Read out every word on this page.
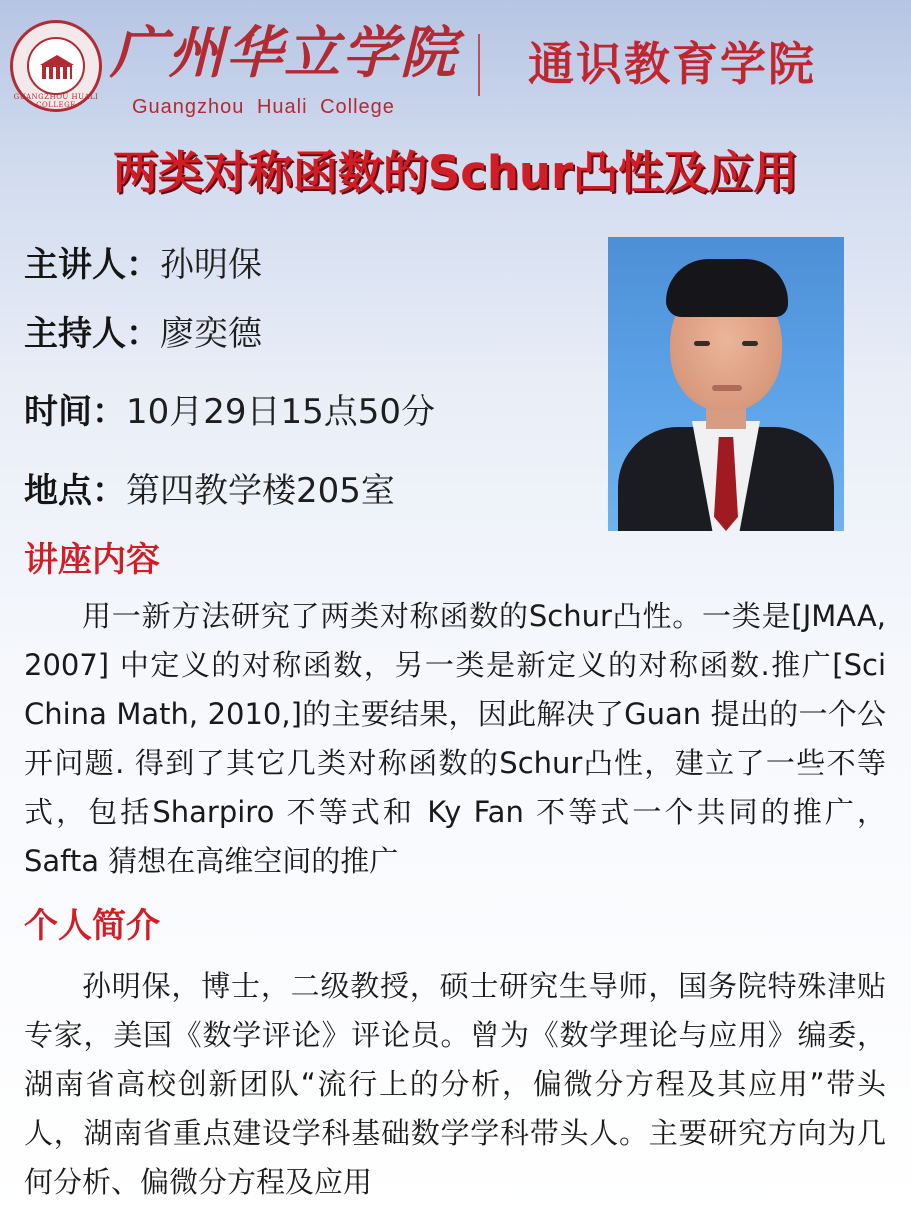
GUANGZHOU HUALI COLLEGE
广州华立学院
Guangzhou Huali College
通识教育学院
两类对称函数的Schur凸性及应用
主讲人：孙明保
主持人：廖奕德
时间：10月29日15点50分
地点：第四教学楼205室
讲座内容

用一新方法研究了两类对称函数的Schur凸性。一类是[JMAA, 2007] 中定义的对称函数，另一类是新定义的对称函数.推广[Sci China Math, 2010,]的主要结果，因此解决了Guan 提出的一个公开问题. 得到了其它几类对称函数的Schur凸性，建立了一些不等式，包括Sharpiro 不等式和 Ky Fan 不等式一个共同的推广，Safta 猜想在高维空间的推广

个人简介

孙明保，博士，二级教授，硕士研究生导师，国务院特殊津贴专家，美国《数学评论》评论员。曾为《数学理论与应用》编委，湖南省高校创新团队“流行上的分析，偏微分方程及其应用”带头人，湖南省重点建设学科基础数学学科带头人。主要研究方向为几何分析、偏微分方程及应用
